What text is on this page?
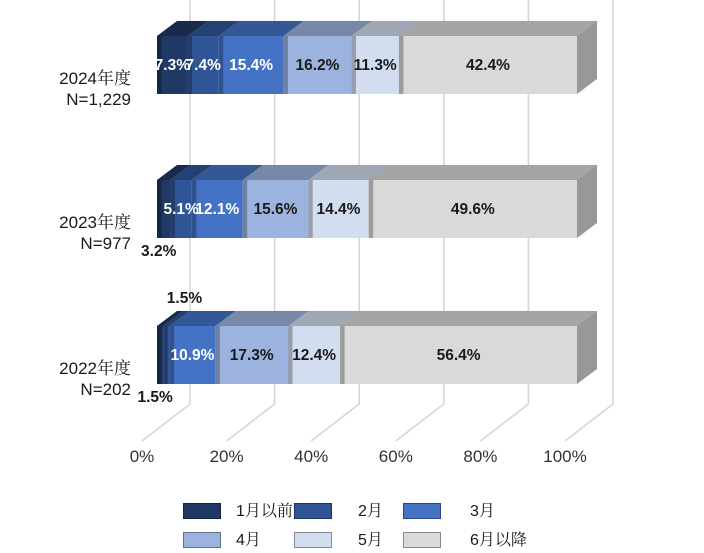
0%	20%	40%	60%	80%	100%
7.3%
7.4% 15.4% 16.2% 11.3%	42.4%
2024年度
N=1,229
3.2%
5.1%
12.1% 15.6% 14.4%	49.6%
2023年度
N=977
1.5%
1.5%
10.9% 17.3% 12.4%	56.4%
2022年度
N=202
1月以前	2月	3月
4月	5月	6月以降
